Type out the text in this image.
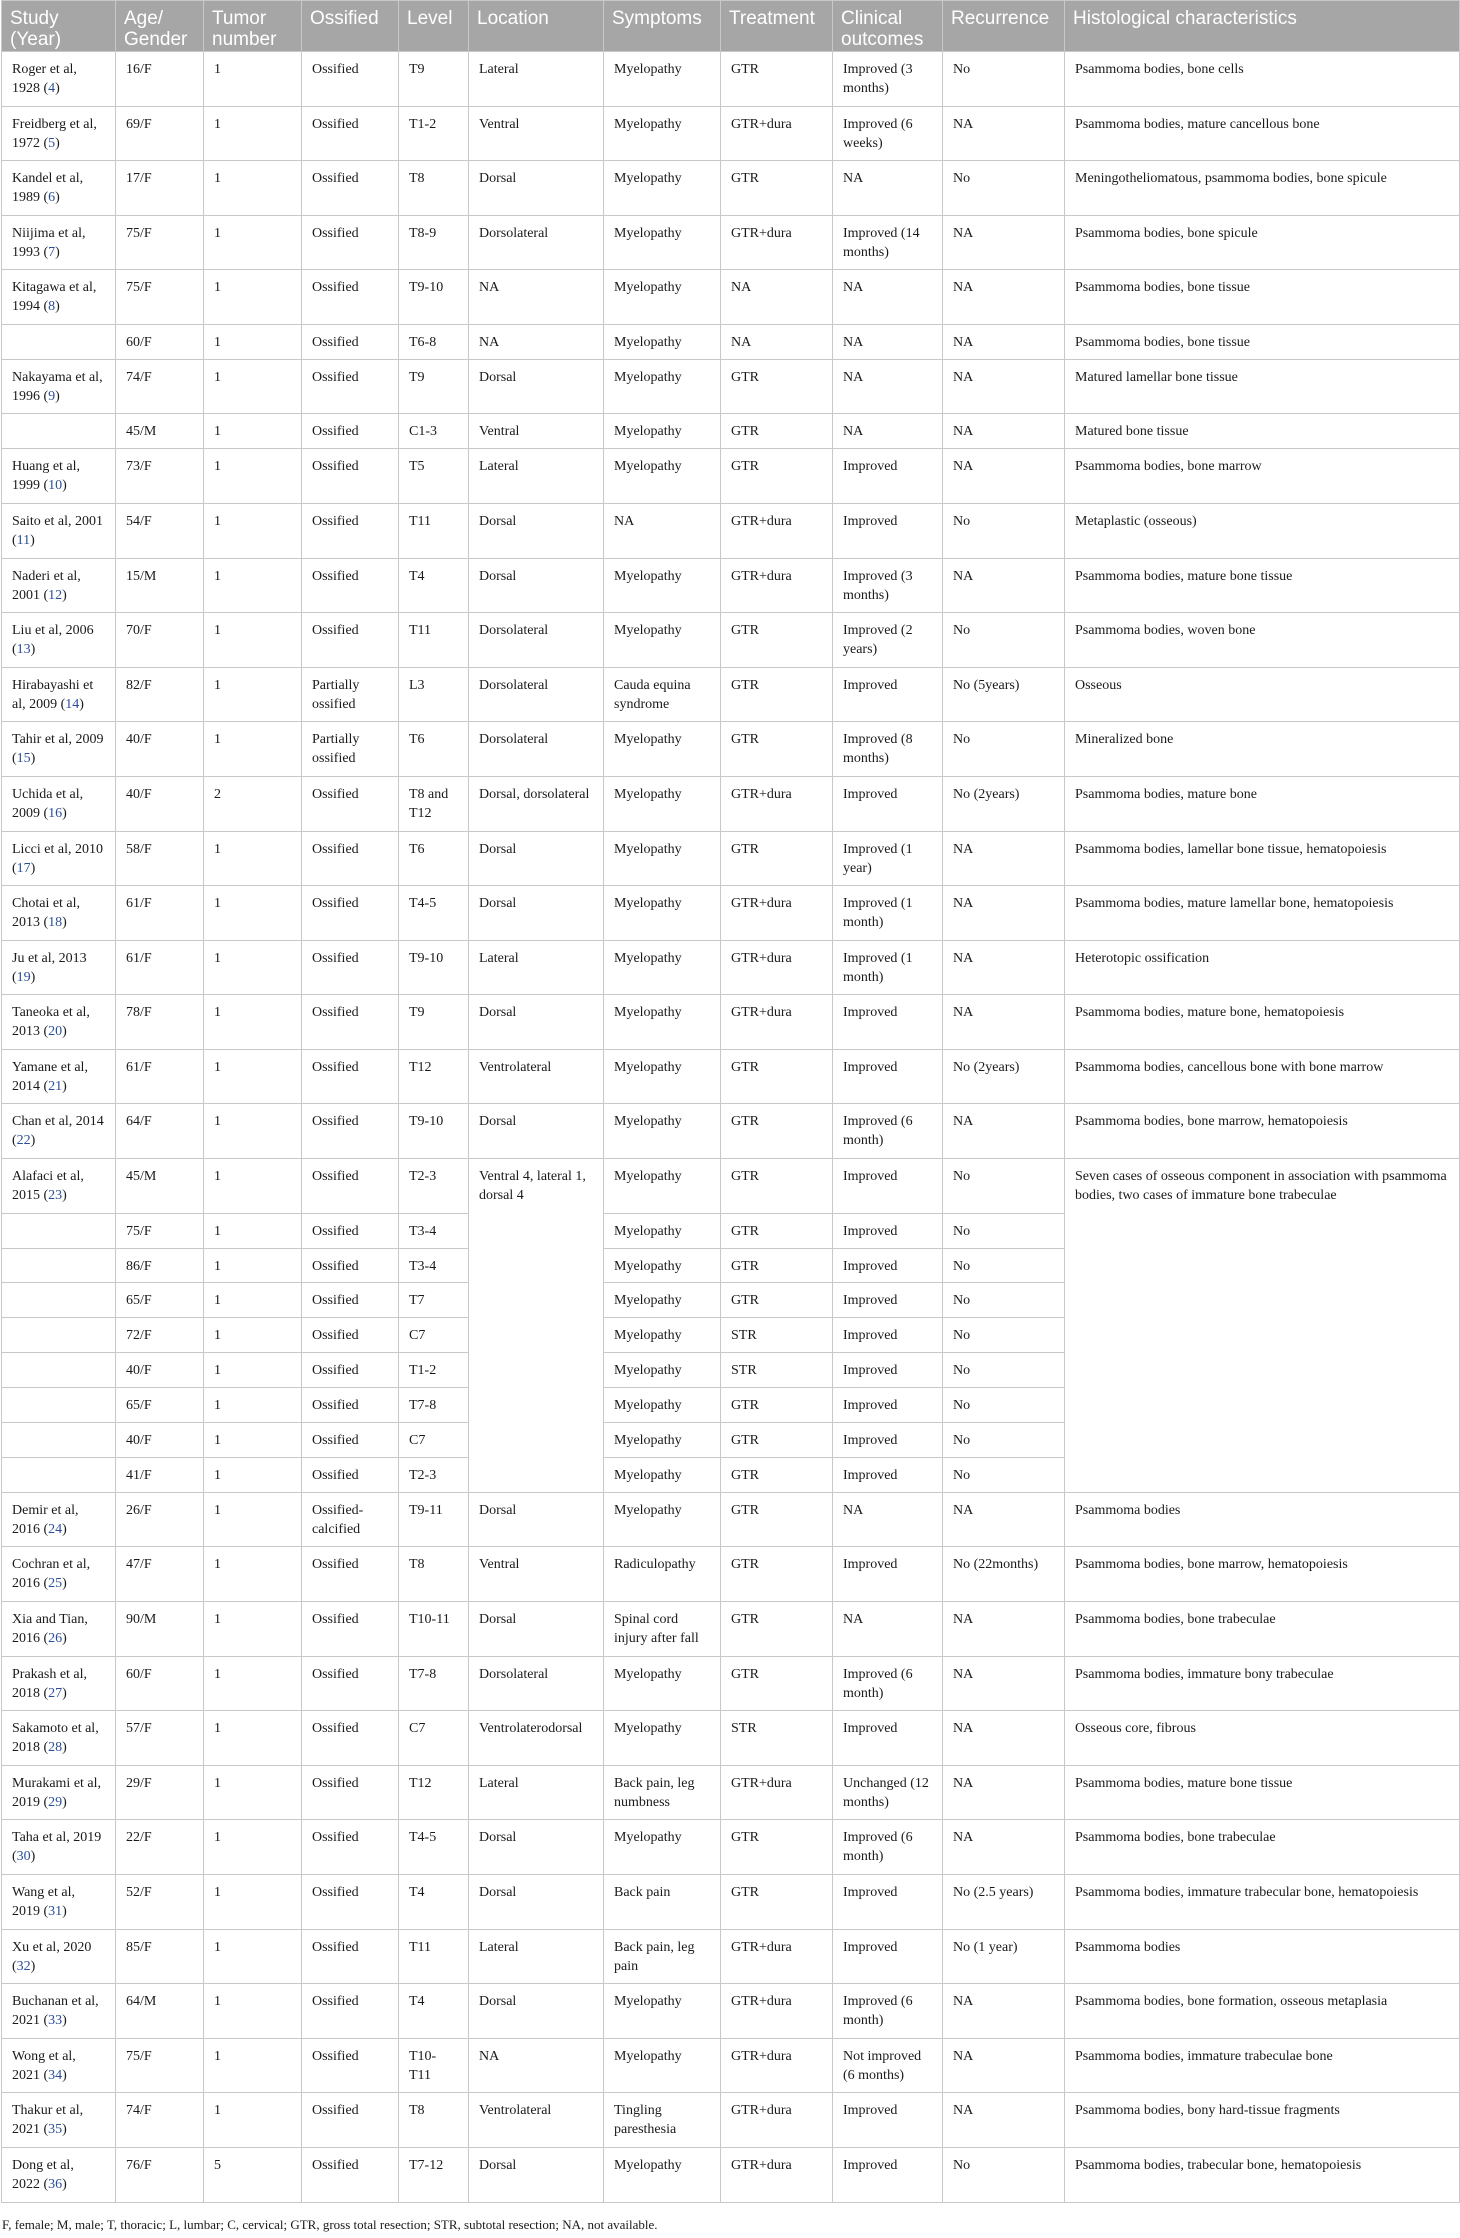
Study (Year)	Age/ Gender	Tumor number	Ossified	Level	Location	Symptoms	Treatment	Clinical outcomes	Recurrence	Histological characteristics
Roger et al, 1928 (4)	16/F	1	Ossified	T9	Lateral	Myelopathy	GTR	Improved (3 months)	No	Psammoma bodies, bone cells
Freidberg et al, 1972 (5)	69/F	1	Ossified	T1-2	Ventral	Myelopathy	GTR+dura	Improved (6 weeks)	NA	Psammoma bodies, mature cancellous bone
Kandel et al, 1989 (6)	17/F	1	Ossified	T8	Dorsal	Myelopathy	GTR	NA	No	Meningotheliomatous, psammoma bodies, bone spicule
Niijima et al, 1993 (7)	75/F	1	Ossified	T8-9	Dorsolateral	Myelopathy	GTR+dura	Improved (14 months)	NA	Psammoma bodies, bone spicule
Kitagawa et al, 1994 (8)	75/F	1	Ossified	T9-10	NA	Myelopathy	NA	NA	NA	Psammoma bodies, bone tissue
	60/F	1	Ossified	T6-8	NA	Myelopathy	NA	NA	NA	Psammoma bodies, bone tissue
Nakayama et al, 1996 (9)	74/F	1	Ossified	T9	Dorsal	Myelopathy	GTR	NA	NA	Matured lamellar bone tissue
	45/M	1	Ossified	C1-3	Ventral	Myelopathy	GTR	NA	NA	Matured bone tissue
Huang et al, 1999 (10)	73/F	1	Ossified	T5	Lateral	Myelopathy	GTR	Improved	NA	Psammoma bodies, bone marrow
Saito et al, 2001 (11)	54/F	1	Ossified	T11	Dorsal	NA	GTR+dura	Improved	No	Metaplastic (osseous)
Naderi et al, 2001 (12)	15/M	1	Ossified	T4	Dorsal	Myelopathy	GTR+dura	Improved (3 months)	NA	Psammoma bodies, mature bone tissue
Liu et al, 2006 (13)	70/F	1	Ossified	T11	Dorsolateral	Myelopathy	GTR	Improved (2 years)	No	Psammoma bodies, woven bone
Hirabayashi et al, 2009 (14)	82/F	1	Partially ossified	L3	Dorsolateral	Cauda equina syndrome	GTR	Improved	No (5years)	Osseous
Tahir et al, 2009 (15)	40/F	1	Partially ossified	T6	Dorsolateral	Myelopathy	GTR	Improved (8 months)	No	Mineralized bone
Uchida et al, 2009 (16)	40/F	2	Ossified	T8 and T12	Dorsal, dorsolateral	Myelopathy	GTR+dura	Improved	No (2years)	Psammoma bodies, mature bone
Licci et al, 2010 (17)	58/F	1	Ossified	T6	Dorsal	Myelopathy	GTR	Improved (1 year)	NA	Psammoma bodies, lamellar bone tissue, hematopoiesis
Chotai et al, 2013 (18)	61/F	1	Ossified	T4-5	Dorsal	Myelopathy	GTR+dura	Improved (1 month)	NA	Psammoma bodies, mature lamellar bone, hematopoiesis
Ju et al, 2013 (19)	61/F	1	Ossified	T9-10	Lateral	Myelopathy	GTR+dura	Improved (1 month)	NA	Heterotopic ossification
Taneoka et al, 2013 (20)	78/F	1	Ossified	T9	Dorsal	Myelopathy	GTR+dura	Improved	NA	Psammoma bodies, mature bone, hematopoiesis
Yamane et al, 2014 (21)	61/F	1	Ossified	T12	Ventrolateral	Myelopathy	GTR	Improved	No (2years)	Psammoma bodies, cancellous bone with bone marrow
Chan et al, 2014 (22)	64/F	1	Ossified	T9-10	Dorsal	Myelopathy	GTR	Improved (6 month)	NA	Psammoma bodies, bone marrow, hematopoiesis
Alafaci et al, 2015 (23)	45/M	1	Ossified	T2-3	Ventral 4, lateral 1, dorsal 4	Myelopathy	GTR	Improved	No	Seven cases of osseous component in association with psammoma bodies, two cases of immature bone trabeculae
	75/F	1	Ossified	T3-4		Myelopathy	GTR	Improved	No	
	86/F	1	Ossified	T3-4		Myelopathy	GTR	Improved	No	
	65/F	1	Ossified	T7		Myelopathy	GTR	Improved	No	
	72/F	1	Ossified	C7		Myelopathy	STR	Improved	No	
	40/F	1	Ossified	T1-2		Myelopathy	STR	Improved	No	
	65/F	1	Ossified	T7-8		Myelopathy	GTR	Improved	No	
	40/F	1	Ossified	C7		Myelopathy	GTR	Improved	No	
	41/F	1	Ossified	T2-3		Myelopathy	GTR	Improved	No	
Demir et al, 2016 (24)	26/F	1	Ossified-calcified	T9-11	Dorsal	Myelopathy	GTR	NA	NA	Psammoma bodies
Cochran et al, 2016 (25)	47/F	1	Ossified	T8	Ventral	Radiculopathy	GTR	Improved	No (22months)	Psammoma bodies, bone marrow, hematopoiesis
Xia and Tian, 2016 (26)	90/M	1	Ossified	T10-11	Dorsal	Spinal cord injury after fall	GTR	NA	NA	Psammoma bodies, bone trabeculae
Prakash et al, 2018 (27)	60/F	1	Ossified	T7-8	Dorsolateral	Myelopathy	GTR	Improved (6 month)	NA	Psammoma bodies, immature bony trabeculae
Sakamoto et al, 2018 (28)	57/F	1	Ossified	C7	Ventrolaterodorsal	Myelopathy	STR	Improved	NA	Osseous core, fibrous
Murakami et al, 2019 (29)	29/F	1	Ossified	T12	Lateral	Back pain, leg numbness	GTR+dura	Unchanged (12 months)	NA	Psammoma bodies, mature bone tissue
Taha et al, 2019 (30)	22/F	1	Ossified	T4-5	Dorsal	Myelopathy	GTR	Improved (6 month)	NA	Psammoma bodies, bone trabeculae
Wang et al, 2019 (31)	52/F	1	Ossified	T4	Dorsal	Back pain	GTR	Improved	No (2.5 years)	Psammoma bodies, immature trabecular bone, hematopoiesis
Xu et al, 2020 (32)	85/F	1	Ossified	T11	Lateral	Back pain, leg pain	GTR+dura	Improved	No (1 year)	Psammoma bodies
Buchanan et al, 2021 (33)	64/M	1	Ossified	T4	Dorsal	Myelopathy	GTR+dura	Improved (6 month)	NA	Psammoma bodies, bone formation, osseous metaplasia
Wong et al, 2021 (34)	75/F	1	Ossified	T10-T11	NA	Myelopathy	GTR+dura	Not improved (6 months)	NA	Psammoma bodies, immature trabeculae bone
Thakur et al, 2021 (35)	74/F	1	Ossified	T8	Ventrolateral	Tingling paresthesia	GTR+dura	Improved	NA	Psammoma bodies, bony hard-tissue fragments
Dong et al, 2022 (36)	76/F	5	Ossified	T7-12	Dorsal	Myelopathy	GTR+dura	Improved	No	Psammoma bodies, trabecular bone, hematopoiesis
F, female; M, male; T, thoracic; L, lumbar; C, cervical; GTR, gross total resection; STR, subtotal resection; NA, not available.
